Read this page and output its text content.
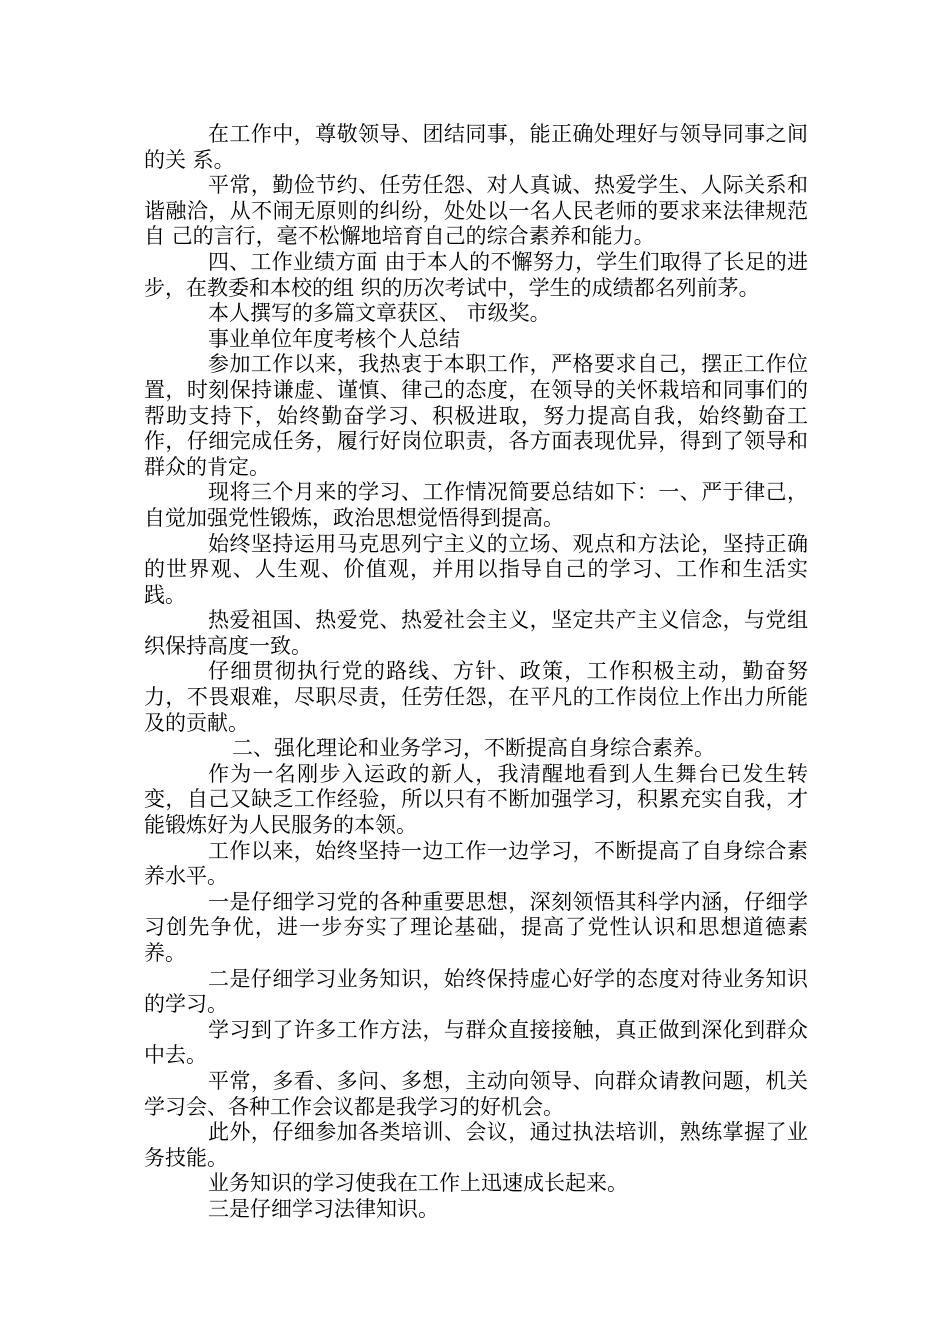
在工作中，尊敬领导、团结同事，能正确处理好与领导同事之间的关 系。

平常，勤俭节约、任劳任怨、对人真诚、热爱学生、人际关系和 谐融洽，从不闹无原则的纠纷，处处以一名人民老师的要求来法律规范自 己的言行，毫不松懈地培育自己的综合素养和能力。

四、工作业绩方面 由于本人的不懈努力，学生们取得了长足的进步，在教委和本校的组 织的历次考试中，学生的成绩都名列前茅。

本人撰写的多篇文章获区、 市级奖。

事业单位年度考核个人总结

参加工作以来，我热衷于本职工作，严格要求自己，摆正工作位置，时刻保持谦虚、谨慎、律己的态度，在领导的关怀栽培和同事们的帮助支持下，始终勤奋学习、积极进取，努力提高自我，始终勤奋工作，仔细完成任务，履行好岗位职责，各方面表现优异，得到了领导和群众的肯定。

现将三个月来的学习、工作情况简要总结如下：一、严于律己，自觉加强党性锻炼，政治思想觉悟得到提高。

始终坚持运用马克思列宁主义的立场、观点和方法论，坚持正确的世界观、人生观、价值观，并用以指导自己的学习、工作和生活实践。

热爱祖国、热爱党、热爱社会主义，坚定共产主义信念，与党组织保持高度一致。

仔细贯彻执行党的路线、方针、政策，工作积极主动，勤奋努力，不畏艰难，尽职尽责，任劳任怨，在平凡的工作岗位上作出力所能及的贡献。

二、强化理论和业务学习，不断提高自身综合素养。

作为一名刚步入运政的新人，我清醒地看到人生舞台已发生转变，自己又缺乏工作经验，所以只有不断加强学习，积累充实自我，才能锻炼好为人民服务的本领。

工作以来，始终坚持一边工作一边学习，不断提高了自身综合素养水平。

一是仔细学习党的各种重要思想，深刻领悟其科学内涵，仔细学习创先争优，进一步夯实了理论基础，提高了党性认识和思想道德素养。

二是仔细学习业务知识，始终保持虚心好学的态度对待业务知识的学习。

学习到了许多工作方法，与群众直接接触，真正做到深化到群众中去。

平常，多看、多问、多想，主动向领导、向群众请教问题，机关学习会、各种工作会议都是我学习的好机会。

此外，仔细参加各类培训、会议，通过执法培训，熟练掌握了业务技能。

业务知识的学习使我在工作上迅速成长起来。

三是仔细学习法律知识。
